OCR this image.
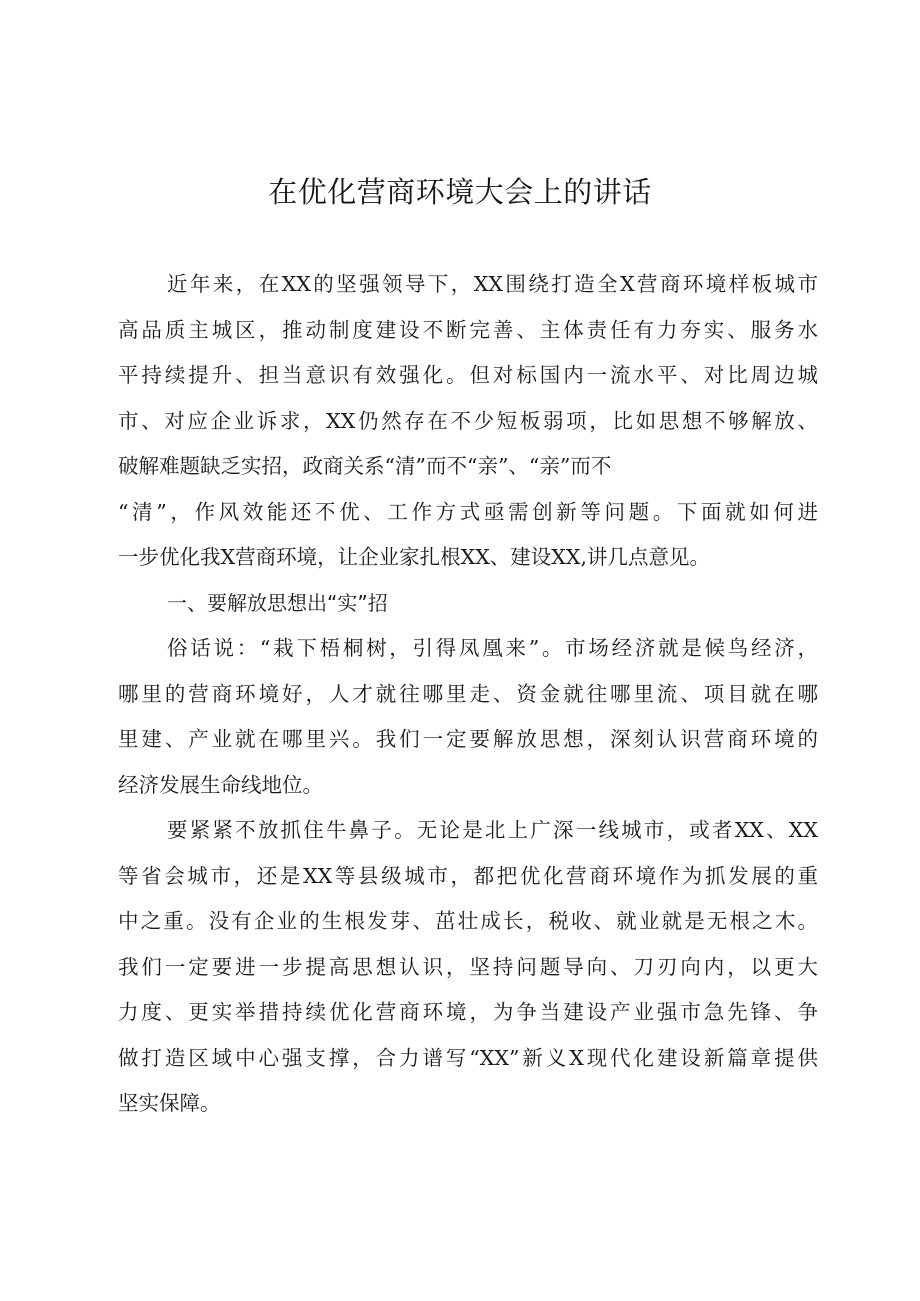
在优化营商环境大会上的讲话
近年来，在XX的坚强领导下，XX围绕打造全X营商环境样板城市
高品质主城区，推动制度建设不断完善、主体责任有力夯实、服务水
平持续提升、担当意识有效强化。但对标国内一流水平、对比周边城
市、对应企业诉求，XX仍然存在不少短板弱项，比如思想不够解放、
破解难题缺乏实招，政商关系“清”而不“亲”、“亲”而不
“清”，作风效能还不优、工作方式亟需创新等问题。下面就如何进
一步优化我X营商环境，让企业家扎根XX、建设XX,讲几点意见。
一、要解放思想出“实”招
俗话说：“栽下梧桐树，引得凤凰来”。市场经济就是候鸟经济，
哪里的营商环境好，人才就往哪里走、资金就往哪里流、项目就在哪
里建、产业就在哪里兴。我们一定要解放思想，深刻认识营商环境的
经济发展生命线地位。
要紧紧不放抓住牛鼻子。无论是北上广深一线城市，或者XX、XX
等省会城市，还是XX等县级城市，都把优化营商环境作为抓发展的重
中之重。没有企业的生根发芽、茁壮成长，税收、就业就是无根之木。
我们一定要进一步提高思想认识，坚持问题导向、刀刃向内，以更大
力度、更实举措持续优化营商环境，为争当建设产业强市急先锋、争
做打造区域中心强支撑，合力谱写“XX”新义X现代化建设新篇章提供
坚实保障。
